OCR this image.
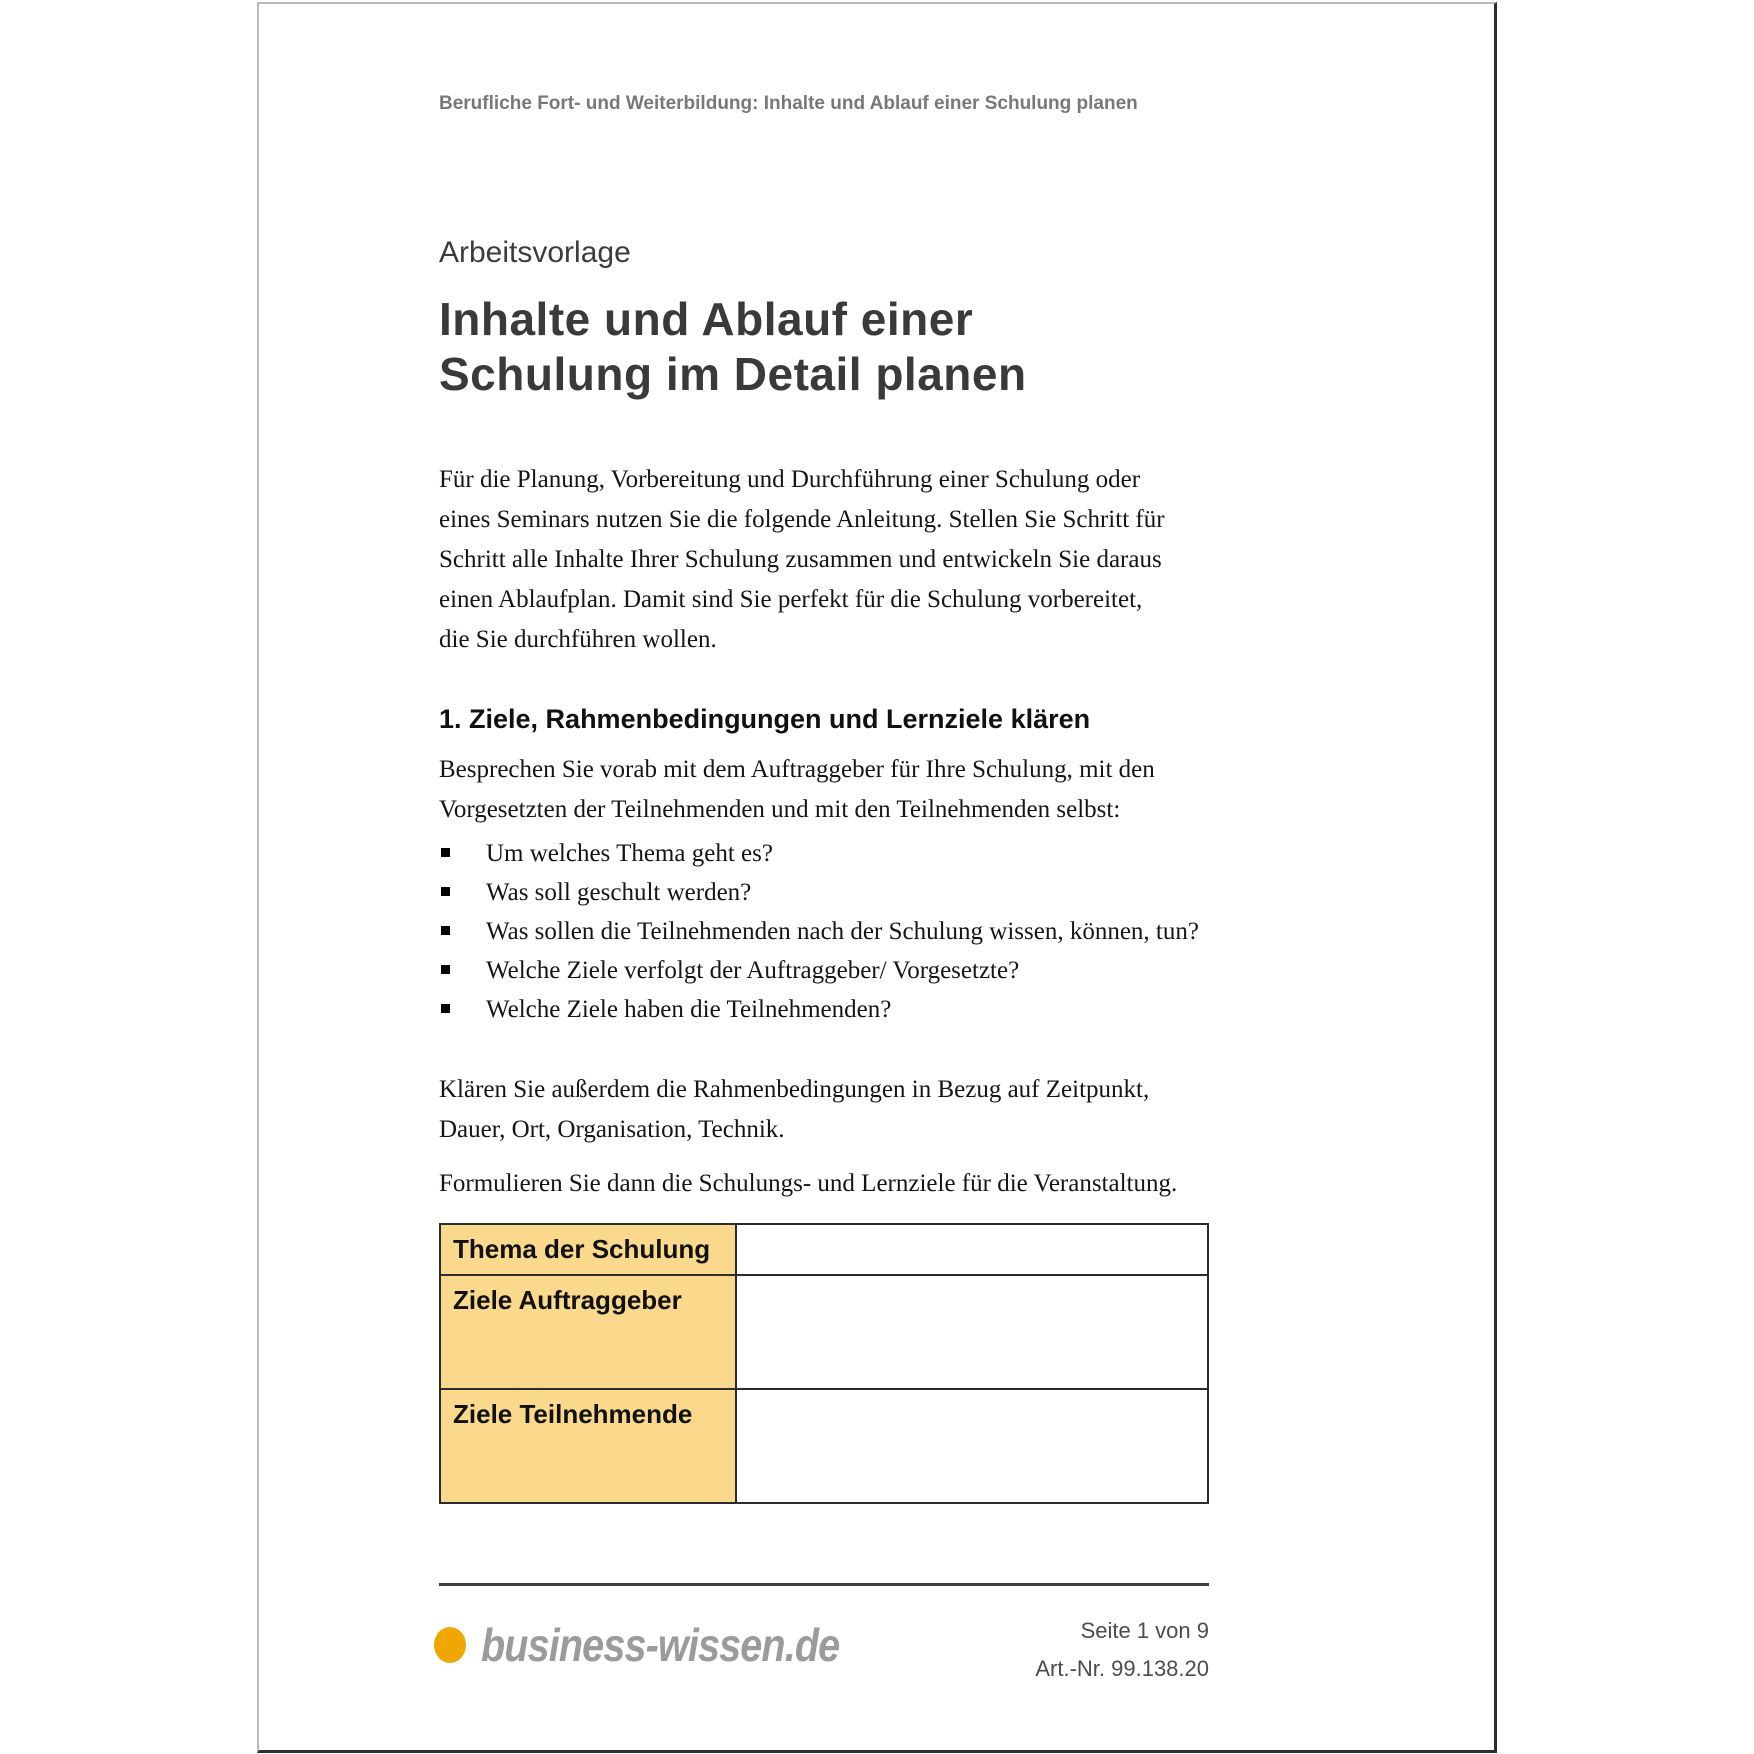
Berufliche Fort- und Weiterbildung: Inhalte und Ablauf einer Schulung planen
Arbeitsvorlage
Inhalte und Ablauf einer
Schulung im Detail planen

Für die Planung, Vorbereitung und Durchführung einer Schulung oder eines Seminars nutzen Sie die folgende Anleitung. Stellen Sie Schritt für Schritt alle Inhalte Ihrer Schulung zusammen und entwickeln Sie daraus einen Ablaufplan. Damit sind Sie perfekt für die Schulung vorbereitet, die Sie durchführen wollen.

1. Ziele, Rahmenbedingungen und Lernziele klären

Besprechen Sie vorab mit dem Auftraggeber für Ihre Schulung, mit den Vorgesetzten der Teilnehmenden und mit den Teilnehmenden selbst:

Um welches Thema geht es?
Was soll geschult werden?
Was sollen die Teilnehmenden nach der Schulung wissen, können, tun?
Welche Ziele verfolgt der Auftraggeber/ Vorgesetzte?
Welche Ziele haben die Teilnehmenden?

Klären Sie außerdem die Rahmenbedingungen in Bezug auf Zeitpunkt, Dauer, Ort, Organisation, Technik.

Formulieren Sie dann die Schulungs- und Lernziele für die Veranstaltung.

Thema der Schulung	
Ziele Auftraggeber	
Ziele Teilnehmende	
business-wissen.de	Seite 1 von 9
Art.-Nr. 99.138.20
